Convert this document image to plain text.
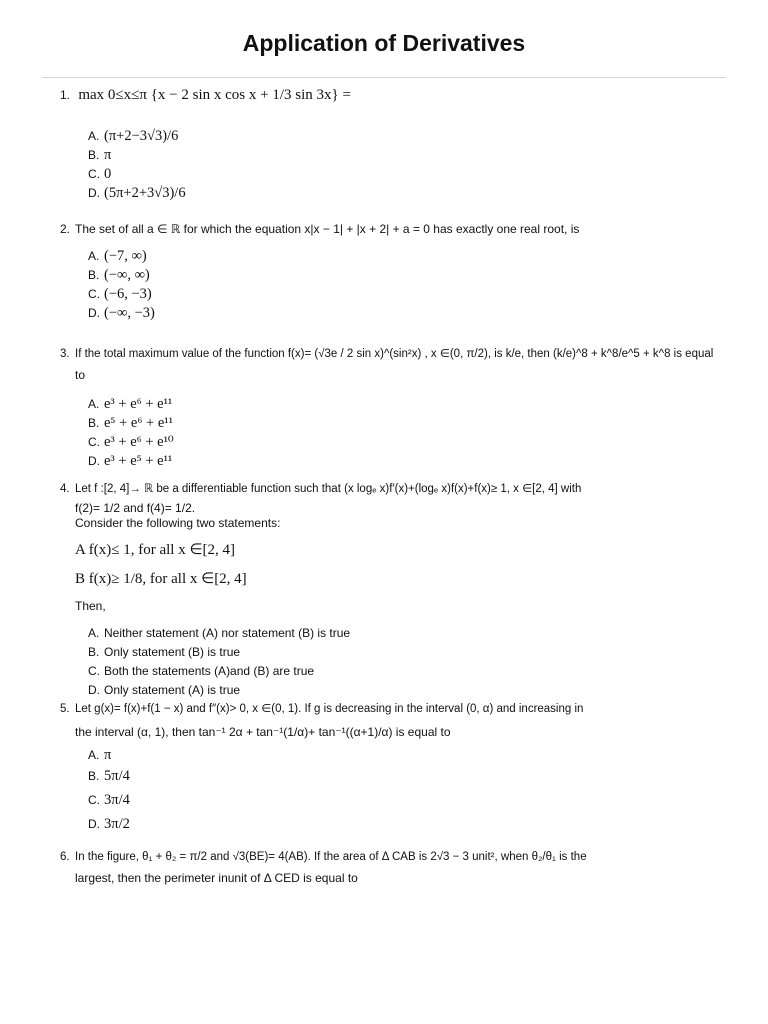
Application of Derivatives
1. max 0≤x≤π {x − 2 sin x cos x + 1/3 sin 3x} =
A. (π+2−3√3)/6
B. π
C. 0
D. (5π+2+3√3)/6
2. The set of all a ∈ ℝ for which the equation x|x − 1| + |x + 2| + a = 0 has exactly one real root, is
A. (−7, ∞)
B. (−∞, ∞)
C. (−6, −3)
D. (−∞, −3)
3. If the total maximum value of the function f(x)= (√3e / 2 sin x)^(sin²x) , x ∈(0, π/2), is k/e, then (k/e)^8 + k^8/e^5 + k^8 is equal
to
A. e³ + e⁶ + e¹¹
B. e⁵ + e⁶ + e¹¹
C. e³ + e⁶ + e¹⁰
D. e³ + e⁵ + e¹¹
4. Let f :[2, 4]→ ℝ be a differentiable function such that (x logₑ x)f′(x)+(logₑ x)f(x)+f(x)≥ 1, x ∈[2, 4] with
f(2)= 1/2 and f(4)= 1/2.
Consider the following two statements:
A f(x)≤ 1, for all x ∈[2, 4]
B f(x)≥ 1/8, for all x ∈[2, 4]
Then,
A. Neither statement (A) nor statement (B) is true
B. Only statement (B) is true
C. Both the statements (A)and (B) are true
D. Only statement (A) is true
5. Let g(x)= f(x)+f(1 − x) and f″(x)> 0, x ∈(0, 1). If g is decreasing in the interval (0, α) and increasing in
the interval (α, 1), then tan⁻¹ 2α + tan⁻¹(1/α)+ tan⁻¹((α+1)/α) is equal to
A. π
B. 5π/4
C. 3π/4
D. 3π/2
6. In the figure, θ₁ + θ₂ = π/2 and √3(BE)= 4(AB). If the area of Δ CAB is 2√3 − 3 unit², when θ₂/θ₁ is the
largest, then the perimeter inunit of Δ CED is equal to
